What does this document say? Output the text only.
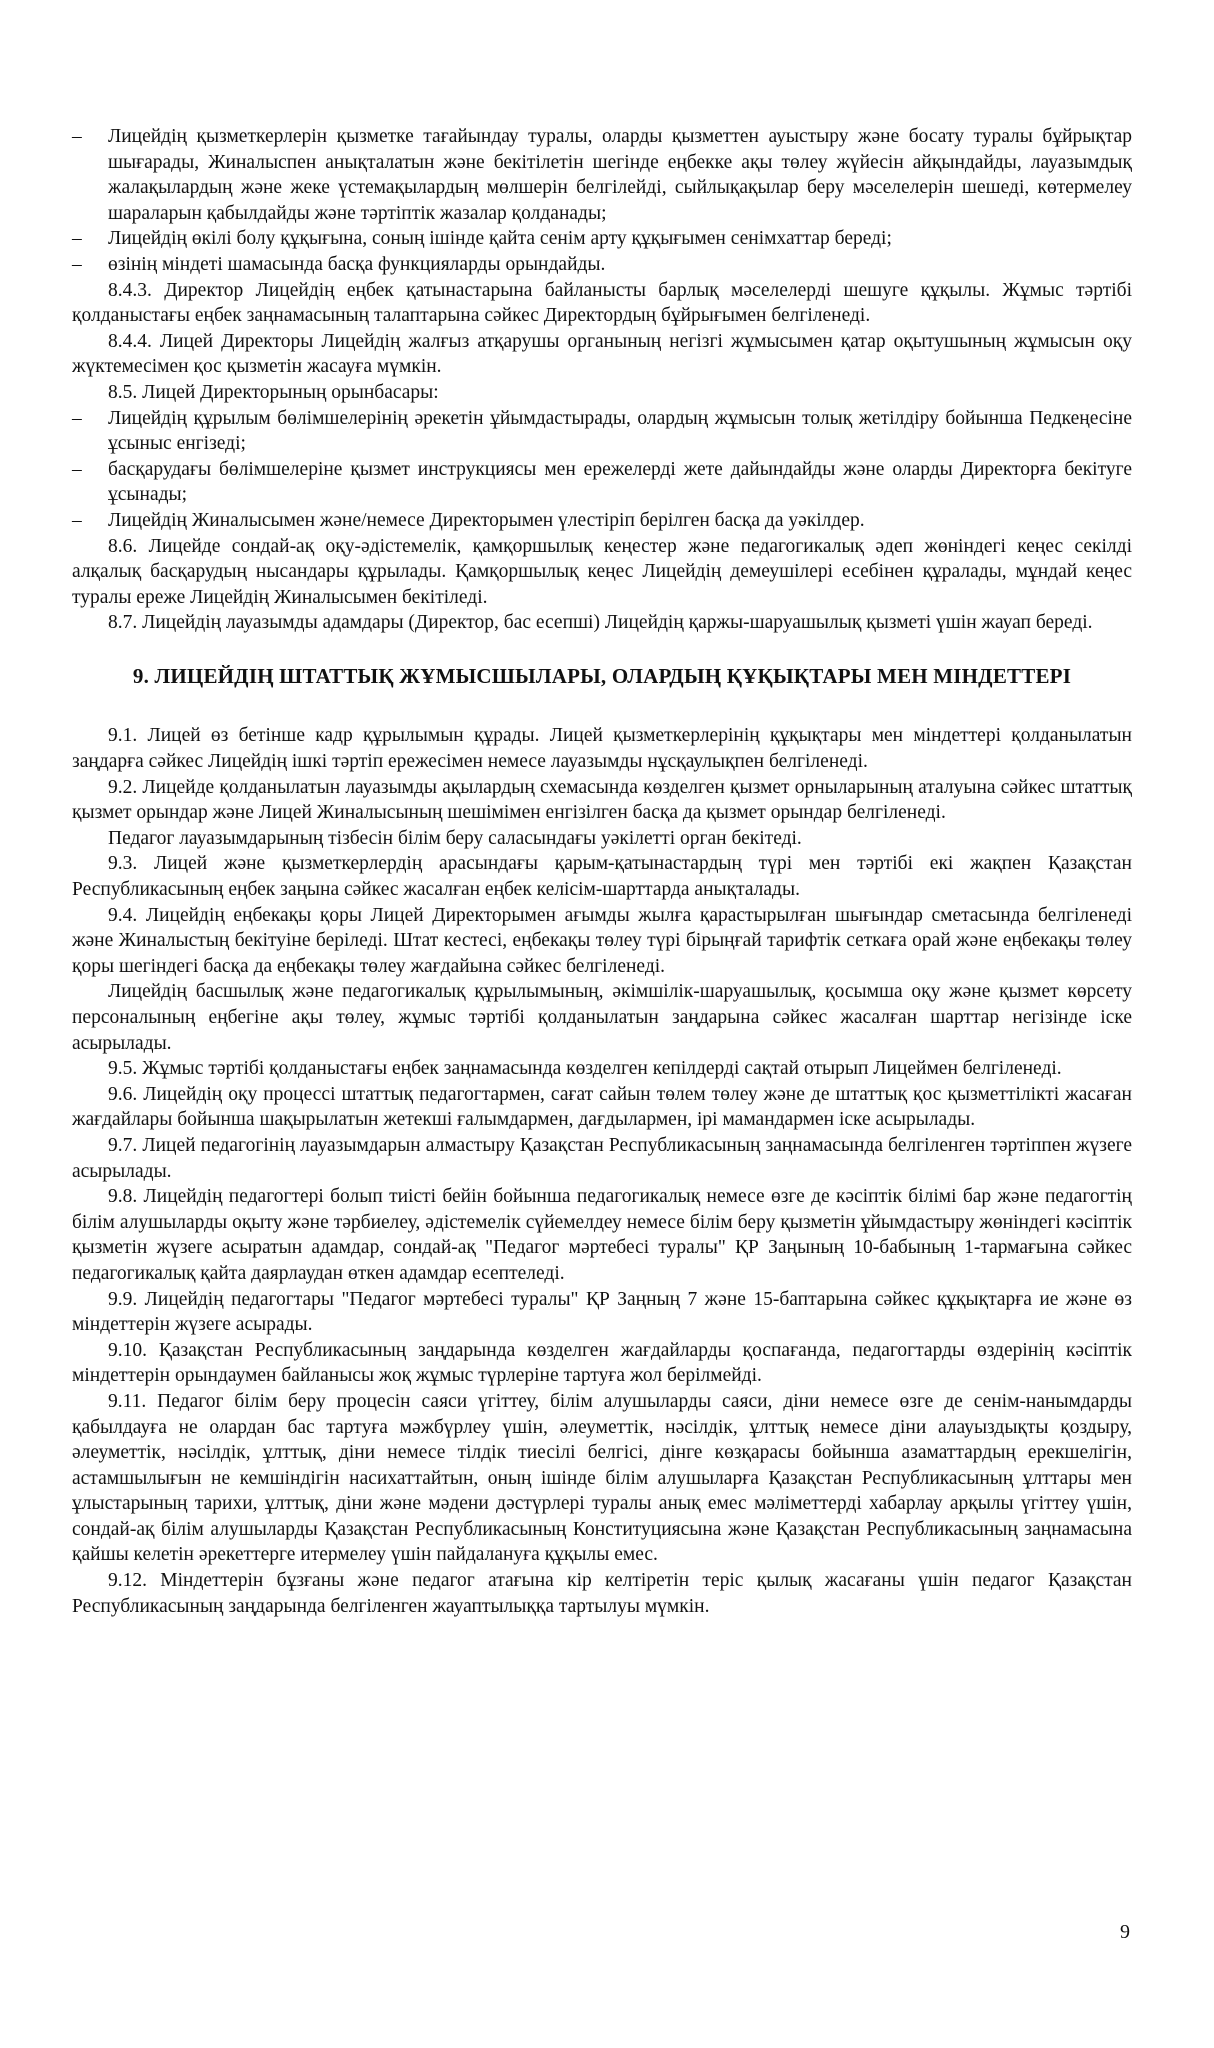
– Лицейдің қызметкерлерін қызметке тағайындау туралы, оларды қызметтен ауыстыру және босату туралы бұйрықтар шығарады, Жиналыспен анықталатын және бекітілетін шегінде еңбекке ақы төлеу жүйесін айқындайды, лауазымдық жалақылардың және жеке үстемақылардың мөлшерін белгілейді, сыйлықақылар беру мәселелерін шешеді, көтермелеу шараларын қабылдайды және тәртіптік жазалар қолданады;
– Лицейдің өкілі болу құқығына, соның ішінде қайта сенім арту құқығымен сенімхаттар береді;
– өзінің міндеті шамасында басқа функцияларды орындайды.

8.4.3. Директор Лицейдің еңбек қатынастарына байланысты барлық мәселелерді шешуге құқылы. Жұмыс тәртібі қолданыстағы еңбек заңнамасының талаптарына сәйкес Директордың бұйрығымен белгіленеді.

8.4.4. Лицей Директоры Лицейдің жалғыз атқарушы органының негізгі жұмысымен қатар оқытушының жұмысын оқу жүктемесімен қос қызметін жасауға мүмкін.

8.5. Лицей Директорының орынбасары:

– Лицейдің құрылым бөлімшелерінің әрекетін ұйымдастырады, олардың жұмысын толық жетілдіру бойынша Педкеңесіне ұсыныс енгізеді;
– басқарудағы бөлімшелеріне қызмет инструкциясы мен ережелерді жете дайындайды және оларды Директорға бекітуге ұсынады;
– Лицейдің Жиналысымен және/немесе Директорымен үлестіріп берілген басқа да уәкілдер.

8.6. Лицейде сондай-ақ оқу-әдістемелік, қамқоршылық кеңестер және педагогикалық әдеп жөніндегі кеңес секілді алқалық басқарудың нысандары құрылады. Қамқоршылық кеңес Лицейдің демеушілері есебінен құралады, мұндай кеңес туралы ереже Лицейдің Жиналысымен бекітіледі.

8.7. Лицейдің лауазымды адамдары (Директор, бас есепші) Лицейдің қаржы-шаруашылық қызметі үшін жауап береді.

9. ЛИЦЕЙДІҢ ШТАТТЫҚ ЖҰМЫСШЫЛАРЫ, ОЛАРДЫҢ ҚҰҚЫҚТАРЫ МЕН МІНДЕТТЕРІ

9.1. Лицей өз бетінше кадр құрылымын құрады. Лицей қызметкерлерінің құқықтары мен міндеттері қолданылатын заңдарға сәйкес Лицейдің ішкі тәртіп ережесімен немесе лауазымды нұсқаулықпен белгіленеді.

9.2. Лицейде қолданылатын лауазымды ақылардың схемасында көзделген қызмет орныларының аталуына сәйкес штаттық қызмет орындар және Лицей Жиналысының шешімімен енгізілген басқа да қызмет орындар белгіленеді.

Педагог лауазымдарының тізбесін білім беру саласындағы уәкілетті орган бекітеді.

9.3. Лицей және қызметкерлердің арасындағы қарым-қатынастардың түрі мен тәртібі екі жақпен Қазақстан Республикасының еңбек заңына сәйкес жасалған еңбек келісім-шарттарда анықталады.

9.4. Лицейдің еңбекақы қоры Лицей Директорымен ағымды жылға қарастырылған шығындар сметасында белгіленеді және Жиналыстың бекітуіне беріледі. Штат кестесі, еңбекақы төлеу түрі бірыңғай тарифтік сеткаға орай және еңбекақы төлеу қоры шегіндегі басқа да еңбекақы төлеу жағдайына сәйкес белгіленеді.

Лицейдің басшылық және педагогикалық құрылымының, әкімшілік-шаруашылық, қосымша оқу және қызмет көрсету персоналының еңбегіне ақы төлеу, жұмыс тәртібі қолданылатын заңдарына сәйкес жасалған шарттар негізінде іске асырылады.

9.5. Жұмыс тәртібі қолданыстағы еңбек заңнамасында көзделген кепілдерді сақтай отырып Лицеймен белгіленеді.

9.6. Лицейдің оқу процессі штаттық педагогтармен, сағат сайын төлем төлеу және де штаттық қос қызметтілікті жасаған жағдайлары бойынша шақырылатын жетекші ғалымдармен, дағдылармен, ірі мамандармен іске асырылады.

9.7. Лицей педагогінің лауазымдарын алмастыру Қазақстан Республикасының заңнамасында белгіленген тәртіппен жүзеге асырылады.

9.8. Лицейдің педагогтері болып тиісті бейін бойынша педагогикалық немесе өзге де кәсіптік білімі бар және педагогтің білім алушыларды оқыту және тәрбиелеу, әдістемелік сүйемелдеу немесе білім беру қызметін ұйымдастыру жөніндегі кәсіптік қызметін жүзеге асыратын адамдар, сондай-ақ "Педагог мәртебесі туралы" ҚР Заңының 10-бабының 1-тармағына сәйкес педагогикалық қайта даярлаудан өткен адамдар есептеледі.

9.9. Лицейдің педагогтары "Педагог мәртебесі туралы" ҚР Заңның 7 және 15-баптарына сәйкес құқықтарға ие және өз міндеттерін жүзеге асырады.

9.10. Қазақстан Республикасының заңдарында көзделген жағдайларды қоспағанда, педагогтарды өздерінің кәсіптік міндеттерін орындаумен байланысы жоқ жұмыс түрлеріне тартуға жол берілмейді.

9.11. Педагог білім беру процесін саяси үгіттеу, білім алушыларды саяси, діни немесе өзге де сенім-нанымдарды қабылдауға не олардан бас тартуға мәжбүрлеу үшін, әлеуметтік, нәсілдік, ұлттық немесе діни алауыздықты қоздыру, әлеуметтік, нәсілдік, ұлттық, діни немесе тілдік тиесілі белгісі, дінге көзқарасы бойынша азаматтардың ерекшелігін, астамшылығын не кемшіндігін насихаттайтын, оның ішінде білім алушыларға Қазақстан Республикасының ұлттары мен ұлыстарының тарихи, ұлттық, діни және мәдени дәстүрлері туралы анық емес мәліметтерді хабарлау арқылы үгіттеу үшін, сондай-ақ білім алушыларды Қазақстан Республикасының Конституциясына және Қазақстан Республикасының заңнамасына қайшы келетін әрекеттерге итермелеу үшін пайдалануға құқылы емес.

9.12. Міндеттерін бұзғаны және педагог атағына кір келтіретін теріс қылық жасағаны үшін педагог Қазақстан Республикасының заңдарында белгіленген жауаптылыққа тартылуы мүмкін.

9
